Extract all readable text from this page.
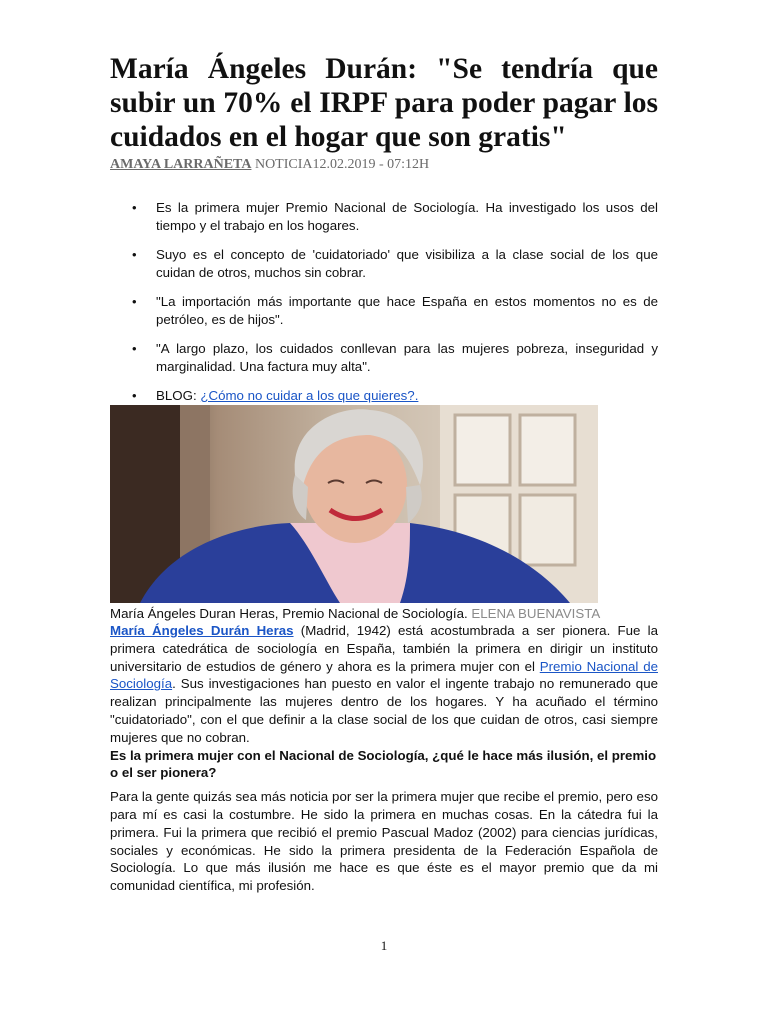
María Ángeles Durán: "Se tendría que subir un 70% el IRPF para poder pagar los cuidados en el hogar que son gratis"
AMAYA LARRAÑETA NOTICIA12.02.2019 - 07:12H
• Es la primera mujer Premio Nacional de Sociología. Ha investigado los usos del tiempo y el trabajo en los hogares.
• Suyo es el concepto de 'cuidatoriado' que visibiliza a la clase social de los que cuidan de otros, muchos sin cobrar.
• "La importación más importante que hace España en estos momentos no es de petróleo, es de hijos".
• "A largo plazo, los cuidados conllevan para las mujeres pobreza, inseguridad y marginalidad. Una factura muy alta".
• BLOG: ¿Cómo no cuidar a los que quieres?.
María Ángeles Duran Heras, Premio Nacional de Sociología. ELENA BUENAVISTA

María Ángeles Durán Heras (Madrid, 1942) está acostumbrada a ser pionera. Fue la primera catedrática de sociología en España, también la primera en dirigir un instituto universitario de estudios de género y ahora es la primera mujer con el Premio Nacional de Sociología. Sus investigaciones han puesto en valor el ingente trabajo no remunerado que realizan principalmente las mujeres dentro de los hogares. Y ha acuñado el término "cuidatoriado", con el que definir a la clase social de los que cuidan de otros, casi siempre mujeres que no cobran.

Es la primera mujer con el Nacional de Sociología, ¿qué le hace más ilusión, el premio o el ser pionera?

Para la gente quizás sea más noticia por ser la primera mujer que recibe el premio, pero eso para mí es casi la costumbre. He sido la primera en muchas cosas. En la cátedra fui la primera. Fui la primera que recibió el premio Pascual Madoz (2002) para ciencias jurídicas, sociales y económicas. He sido la primera presidenta de la Federación Española de Sociología. Lo que más ilusión me hace es que éste es el mayor premio que da mi comunidad científica, mi profesión.

1
